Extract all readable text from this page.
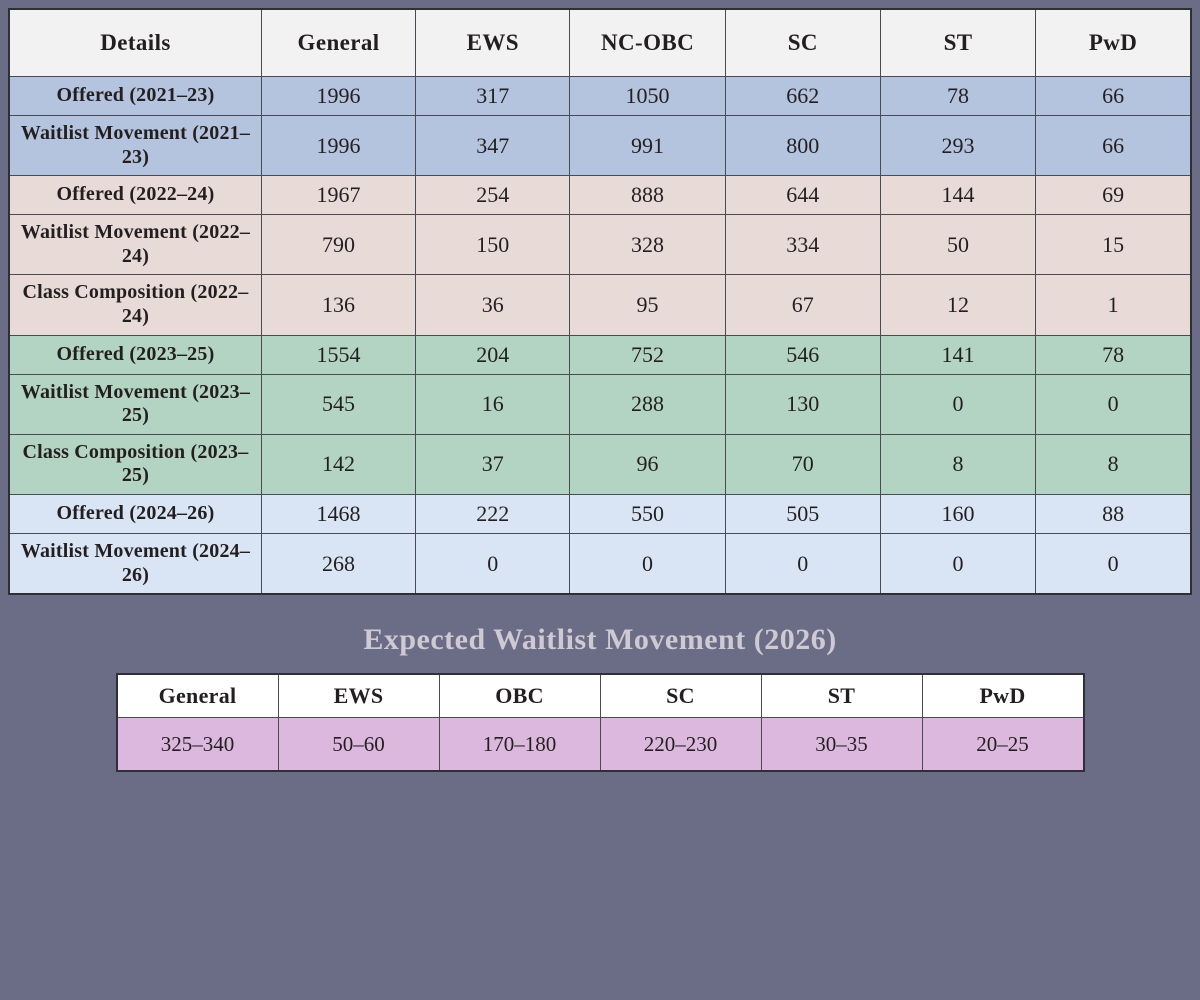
Details	General	EWS	NC-OBC	SC	ST	PwD
Offered (2021–23)	1996	317	1050	662	78	66
Waitlist Movement (2021–23)	1996	347	991	800	293	66
Offered (2022–24)	1967	254	888	644	144	69
Waitlist Movement (2022–24)	790	150	328	334	50	15
Class Composition (2022–24)	136	36	95	67	12	1
Offered (2023–25)	1554	204	752	546	141	78
Waitlist Movement (2023–25)	545	16	288	130	0	0
Class Composition (2023–25)	142	37	96	70	8	8
Offered (2024–26)	1468	222	550	505	160	88
Waitlist Movement (2024–26)	268	0	0	0	0	0
Expected Waitlist Movement (2026)
General	EWS	OBC	SC	ST	PwD
325–340	50–60	170–180	220–230	30–35	20–25
